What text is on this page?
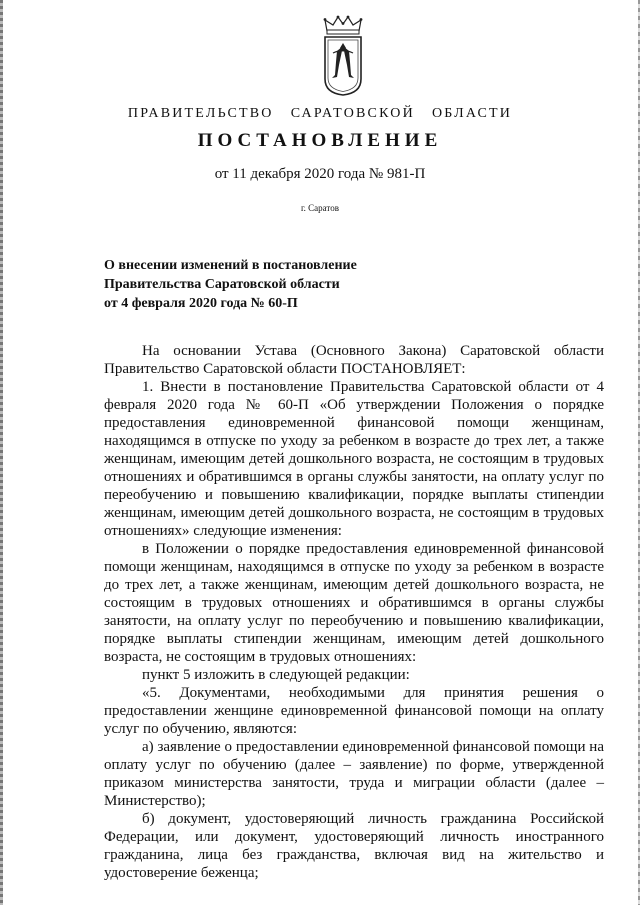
ПРАВИТЕЛЬСТВО   САРАТОВСКОЙ   ОБЛАСТИ
ПОСТАНОВЛЕНИЕ
от 11 декабря 2020 года № 981-П
г. Саратов
О внесении изменений в постановление
Правительства Саратовской области
от 4 февраля 2020 года № 60-П

На основании Устава (Основного Закона) Саратовской области Правительство Саратовской области ПОСТАНОВЛЯЕТ:

1. Внести в постановление Правительства Саратовской области от 4 февраля 2020 года № 60-П «Об утверждении Положения о порядке предоставления единовременной финансовой помощи женщинам, находящимся в отпуске по уходу за ребенком в возрасте до трех лет, а также женщинам, имеющим детей дошкольного возраста, не состоящим в трудовых отношениях и обратившимся в органы службы занятости, на оплату услуг по переобучению и повышению квалификации, порядке выплаты стипендии женщинам, имеющим детей дошкольного возраста, не состоящим в трудовых отношениях» следующие изменения:

в Положении о порядке предоставления единовременной финансовой помощи женщинам, находящимся в отпуске по уходу за ребенком в возрасте до трех лет, а также женщинам, имеющим детей дошкольного возраста, не состоящим в трудовых отношениях и обратившимся в органы службы занятости, на оплату услуг по переобучению и повышению квалификации, порядке выплаты стипендии женщинам, имеющим детей дошкольного возраста, не состоящим в трудовых отношениях:

пункт 5 изложить в следующей редакции:

«5. Документами, необходимыми для принятия решения о предоставлении женщине единовременной финансовой помощи на оплату услуг по обучению, являются:

а) заявление о предоставлении единовременной финансовой помощи на оплату услуг по обучению (далее – заявление) по форме, утвержденной приказом министерства занятости, труда и миграции области (далее – Министерство);

б) документ, удостоверяющий личность гражданина Российской Федерации, или документ, удостоверяющий личность иностранного гражданина, лица без гражданства, включая вид на жительство и удостоверение беженца;
